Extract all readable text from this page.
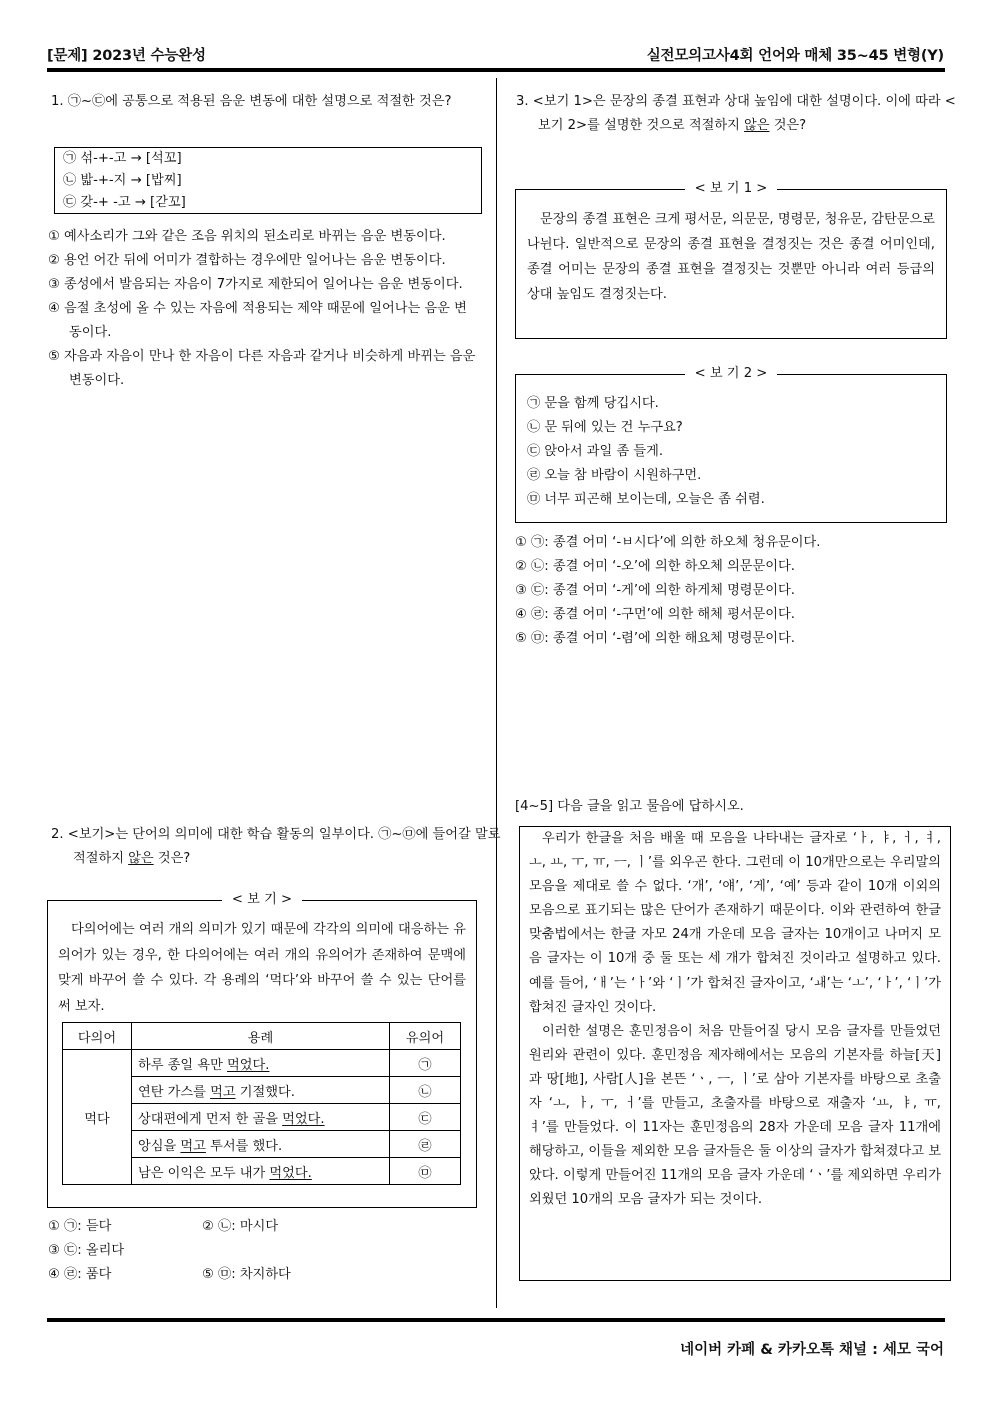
[문제] 2023년 수능완성	실전모의고사4회 언어와 매체 35~45 변형(Y)
1. ㉠~㉢에 공통으로 적용된 음운 변동에 대한 설명으로 적절한 것은?
㉠ 섞-+-고 → [석꼬]
㉡ 밟-+-지 → [밥찌]
㉢ 갖-+ -고 → [갇꼬]
① 예사소리가 그와 같은 조음 위치의 된소리로 바뀌는 음운 변동이다.
② 용언 어간 뒤에 어미가 결합하는 경우에만 일어나는 음운 변동이다.
③ 종성에서 발음되는 자음이 7가지로 제한되어 일어나는 음운 변동이다.
④ 음절 초성에 올 수 있는 자음에 적용되는 제약 때문에 일어나는 음운 변동이다.
⑤ 자음과 자음이 만나 한 자음이 다른 자음과 같거나 비슷하게 바뀌는 음운 변동이다.
2. <보기>는 단어의 의미에 대한 학습 활동의 일부이다. ㉠~㉤에 들어갈 말로 적절하지 않은 것은?
< 보 기 >
다의어에는 여러 개의 의미가 있기 때문에 각각의 의미에 대응하는 유의어가 있는 경우, 한 다의어에는 여러 개의 유의어가 존재하여 문맥에 맞게 바꾸어 쓸 수 있다. 각 용례의 ‘먹다’와 바꾸어 쓸 수 있는 단어를 써 보자.
다의어	용례	유의어
먹다	하루 종일 욕만 먹었다.	㉠
	연탄 가스를 먹고 기절했다.	㉡
	상대편에게 먼저 한 골을 먹었다.	㉢
	앙심을 먹고 투서를 했다.	㉣
	남은 이익은 모두 내가 먹었다.	㉤
① ㉠: 듣다	② ㉡: 마시다③ ㉢: 올리다
④ ㉣: 품다	⑤ ㉤: 차지하다
3. <보기 1>은 문장의 종결 표현과 상대 높임에 대한 설명이다. 이에 따라 <보기 2>를 설명한 것으로 적절하지 않은 것은?
< 보 기 1 >
문장의 종결 표현은 크게 평서문, 의문문, 명령문, 청유문, 감탄문으로 나뉜다. 일반적으로 문장의 종결 표현을 결정짓는 것은 종결 어미인데, 종결 어미는 문장의 종결 표현을 결정짓는 것뿐만 아니라 여러 등급의 상대 높임도 결정짓는다.
< 보 기 2 >
㉠ 문을 함께 당깁시다.
㉡ 문 뒤에 있는 건 누구요?
㉢ 앉아서 과일 좀 들게.
㉣ 오늘 참 바람이 시원하구먼.
㉤ 너무 피곤해 보이는데, 오늘은 좀 쉬렴.
① ㉠: 종결 어미 ‘-ㅂ시다’에 의한 하오체 청유문이다.
② ㉡: 종결 어미 ‘-오’에 의한 하오체 의문문이다.
③ ㉢: 종결 어미 ‘-게’에 의한 하게체 명령문이다.
④ ㉣: 종결 어미 ‘-구먼’에 의한 해체 평서문이다.
⑤ ㉤: 종결 어미 ‘-렴’에 의한 해요체 명령문이다.
[4~5] 다음 글을 읽고 물음에 답하시오.
우리가 한글을 처음 배울 때 모음을 나타내는 글자로 ‘ㅏ, ㅑ, ㅓ, ㅕ, ㅗ, ㅛ, ㅜ, ㅠ, ㅡ, ㅣ’를 외우곤 한다. 그런데 이 10개만으로는 우리말의 모음을 제대로 쓸 수 없다. ‘개’, ‘얘’, ‘게’, ‘예’ 등과 같이 10개 이외의 모음으로 표기되는 많은 단어가 존재하기 때문이다. 이와 관련하여 한글 맞춤법에서는 한글 자모 24개 가운데 모음 글자는 10개이고 나머지 모음 글자는 이 10개 중 둘 또는 세 개가 합쳐진 것이라고 설명하고 있다. 예를 들어, ‘ㅐ’는 ‘ㅏ’와 ‘ㅣ’가 합쳐진 글자이고, ‘ㅙ’는 ‘ㅗ’, ‘ㅏ’, ‘ㅣ’가 합쳐진 글자인 것이다.
이러한 설명은 훈민정음이 처음 만들어질 당시 모음 글자를 만들었던 원리와 관련이 있다. 훈민정음 제자해에서는 모음의 기본자를 하늘[天]과 땅[地], 사람[人]을 본뜬 ‘ㆍ, ㅡ, ㅣ’로 삼아 기본자를 바탕으로 초출자 ‘ㅗ, ㅏ, ㅜ, ㅓ’를 만들고, 초출자를 바탕으로 재출자 ‘ㅛ, ㅑ, ㅠ, ㅕ’를 만들었다. 이 11자는 훈민정음의 28자 가운데 모음 글자 11개에 해당하고, 이들을 제외한 모음 글자들은 둘 이상의 글자가 합쳐졌다고 보았다. 이렇게 만들어진 11개의 모음 글자 가운데 ‘ㆍ’를 제외하면 우리가 외웠던 10개의 모음 글자가 되는 것이다.
네이버 카페 & 카카오톡 채널 : 세모 국어
